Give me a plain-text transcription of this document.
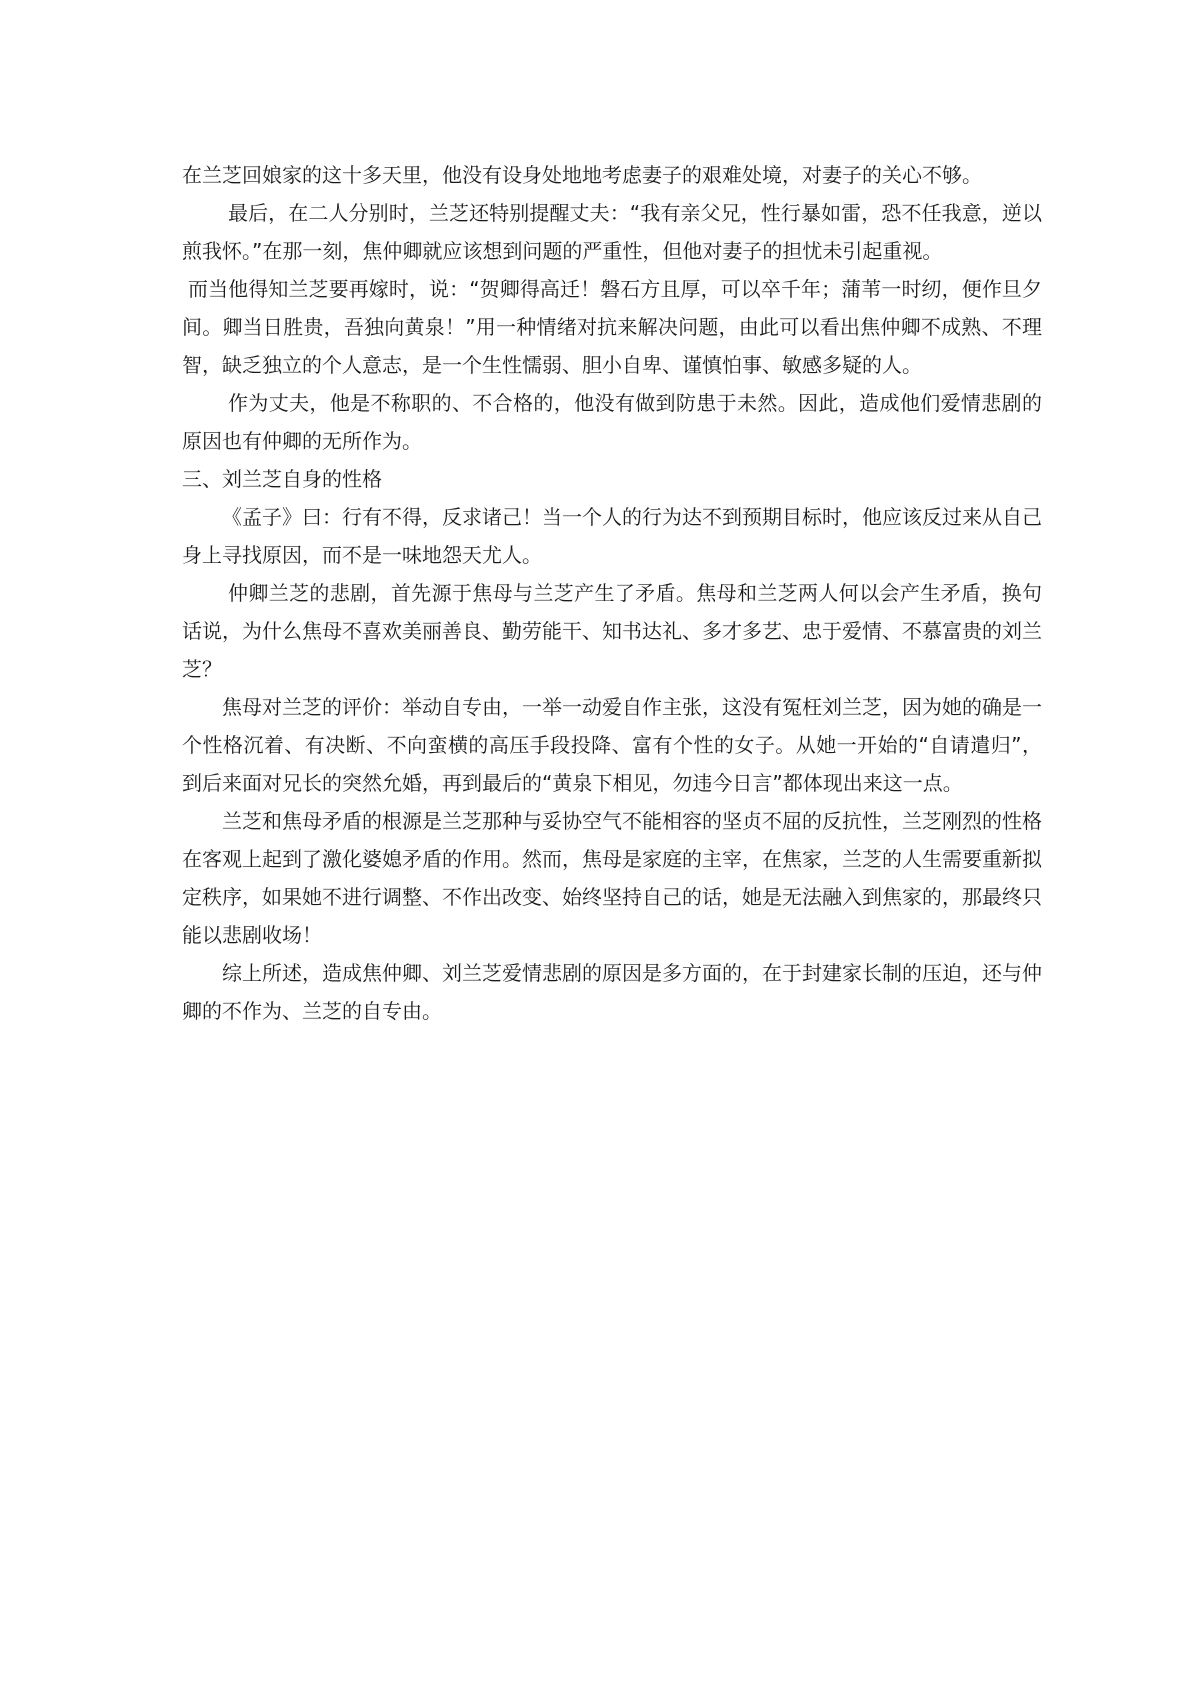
在兰芝回娘家的这十多天里，他没有设身处地地考虑妻子的艰难处境，对妻子的关心不够。

最后，在二人分别时，兰芝还特别提醒丈夫：“我有亲父兄，性行暴如雷，恐不任我意，逆以煎我怀。”在那一刻，焦仲卿就应该想到问题的严重性，但他对妻子的担忧未引起重视。

而当他得知兰芝要再嫁时，说：“贺卿得高迁！磐石方且厚，可以卒千年；蒲苇一时纫，便作旦夕间。卿当日胜贵，吾独向黄泉！”用一种情绪对抗来解决问题，由此可以看出焦仲卿不成熟、不理智，缺乏独立的个人意志，是一个生性懦弱、胆小自卑、谨慎怕事、敏感多疑的人。

作为丈夫，他是不称职的、不合格的，他没有做到防患于未然。因此，造成他们爱情悲剧的原因也有仲卿的无所作为。

三、刘兰芝自身的性格

《孟子》曰：行有不得，反求诸己！当一个人的行为达不到预期目标时，他应该反过来从自己身上寻找原因，而不是一味地怨天尤人。

仲卿兰芝的悲剧，首先源于焦母与兰芝产生了矛盾。焦母和兰芝两人何以会产生矛盾，换句话说，为什么焦母不喜欢美丽善良、勤劳能干、知书达礼、多才多艺、忠于爱情、不慕富贵的刘兰芝？

焦母对兰芝的评价：举动自专由，一举一动爱自作主张，这没有冤枉刘兰芝，因为她的确是一个性格沉着、有决断、不向蛮横的高压手段投降、富有个性的女子。从她一开始的“自请遣归”，到后来面对兄长的突然允婚，再到最后的“黄泉下相见，勿违今日言”都体现出来这一点。

兰芝和焦母矛盾的根源是兰芝那种与妥协空气不能相容的坚贞不屈的反抗性，兰芝刚烈的性格在客观上起到了激化婆媳矛盾的作用。然而，焦母是家庭的主宰，在焦家，兰芝的人生需要重新拟定秩序，如果她不进行调整、不作出改变、始终坚持自己的话，她是无法融入到焦家的，那最终只能以悲剧收场！

综上所述，造成焦仲卿、刘兰芝爱情悲剧的原因是多方面的，在于封建家长制的压迫，还与仲卿的不作为、兰芝的自专由。
